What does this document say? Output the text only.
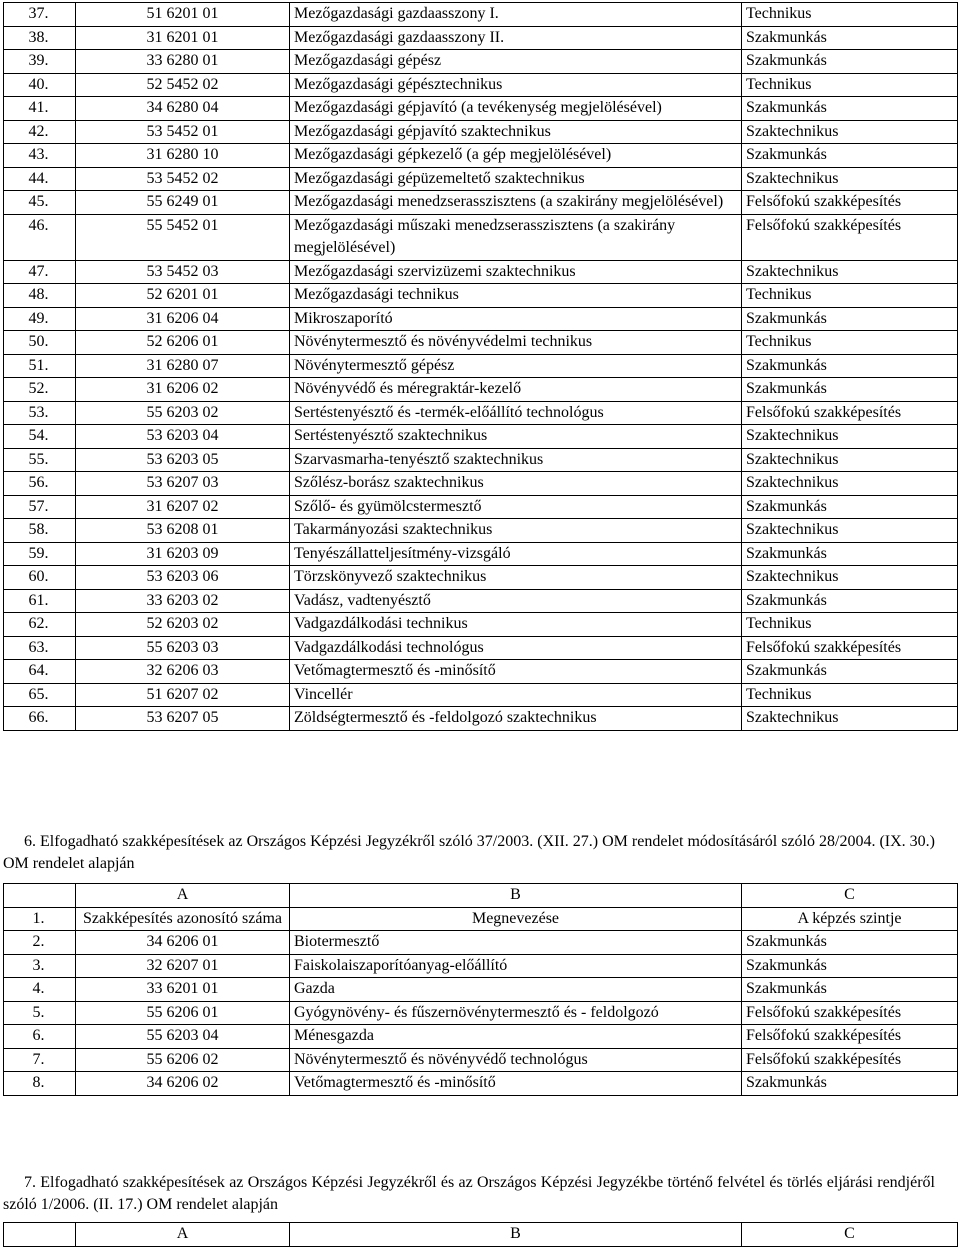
37.	51 6201 01	Mezőgazdasági gazdaasszony I.	Technikus
38.	31 6201 01	Mezőgazdasági gazdaasszony II.	Szakmunkás
39.	33 6280 01	Mezőgazdasági gépész	Szakmunkás
40.	52 5452 02	Mezőgazdasági gépésztechnikus	Technikus
41.	34 6280 04	Mezőgazdasági gépjavító (a tevékenység megjelölésével)	Szakmunkás
42.	53 5452 01	Mezőgazdasági gépjavító szaktechnikus	Szaktechnikus
43.	31 6280 10	Mezőgazdasági gépkezelő (a gép megjelölésével)	Szakmunkás
44.	53 5452 02	Mezőgazdasági gépüzemeltető szaktechnikus	Szaktechnikus
45.	55 6249 01	Mezőgazdasági menedzserasszisztens (a szakirány megjelölésével)	Felsőfokú szakképesítés
46.	55 5452 01	Mezőgazdasági műszaki menedzserasszisztens (a szakirány megjelölésével)	Felsőfokú szakképesítés
47.	53 5452 03	Mezőgazdasági szervizüzemi szaktechnikus	Szaktechnikus
48.	52 6201 01	Mezőgazdasági technikus	Technikus
49.	31 6206 04	Mikroszaporító	Szakmunkás
50.	52 6206 01	Növénytermesztő és növényvédelmi technikus	Technikus
51.	31 6280 07	Növénytermesztő gépész	Szakmunkás
52.	31 6206 02	Növényvédő és méregraktár-kezelő	Szakmunkás
53.	55 6203 02	Sertéstenyésztő és -termék-előállító technológus	Felsőfokú szakképesítés
54.	53 6203 04	Sertéstenyésztő szaktechnikus	Szaktechnikus
55.	53 6203 05	Szarvasmarha-tenyésztő szaktechnikus	Szaktechnikus
56.	53 6207 03	Szőlész-borász szaktechnikus	Szaktechnikus
57.	31 6207 02	Szőlő- és gyümölcstermesztő	Szakmunkás
58.	53 6208 01	Takarmányozási szaktechnikus	Szaktechnikus
59.	31 6203 09	Tenyészállatteljesítmény-vizsgáló	Szakmunkás
60.	53 6203 06	Törzskönyvező szaktechnikus	Szaktechnikus
61.	33 6203 02	Vadász, vadtenyésztő	Szakmunkás
62.	52 6203 02	Vadgazdálkodási technikus	Technikus
63.	55 6203 03	Vadgazdálkodási technológus	Felsőfokú szakképesítés
64.	32 6206 03	Vetőmagtermesztő és -minősítő	Szakmunkás
65.	51 6207 02	Vincellér	Technikus
66.	53 6207 05	Zöldségtermesztő és -feldolgozó szaktechnikus	Szaktechnikus
6. Elfogadható szakképesítések az Országos Képzési Jegyzékről szóló 37/2003. (XII. 27.) OM rendelet módosításáról szóló 28/2004. (IX. 30.) OM rendelet alapján
	A	B	C
1.	Szakképesítés azonosító száma	Megnevezése	A képzés szintje
2.	34 6206 01	Biotermesztő	Szakmunkás
3.	32 6207 01	Faiskolaiszaporítóanyag-előállító	Szakmunkás
4.	33 6201 01	Gazda	Szakmunkás
5.	55 6206 01	Gyógynövény- és fűszernövénytermesztő és - feldolgozó	Felsőfokú szakképesítés
6.	55 6203 04	Ménesgazda	Felsőfokú szakképesítés
7.	55 6206 02	Növénytermesztő és növényvédő technológus	Felsőfokú szakképesítés
8.	34 6206 02	Vetőmagtermesztő és -minősítő	Szakmunkás
7. Elfogadható szakképesítések az Országos Képzési Jegyzékről és az Országos Képzési Jegyzékbe történő felvétel és törlés eljárási rendjéről szóló 1/2006. (II. 17.) OM rendelet alapján
	A	B	C
